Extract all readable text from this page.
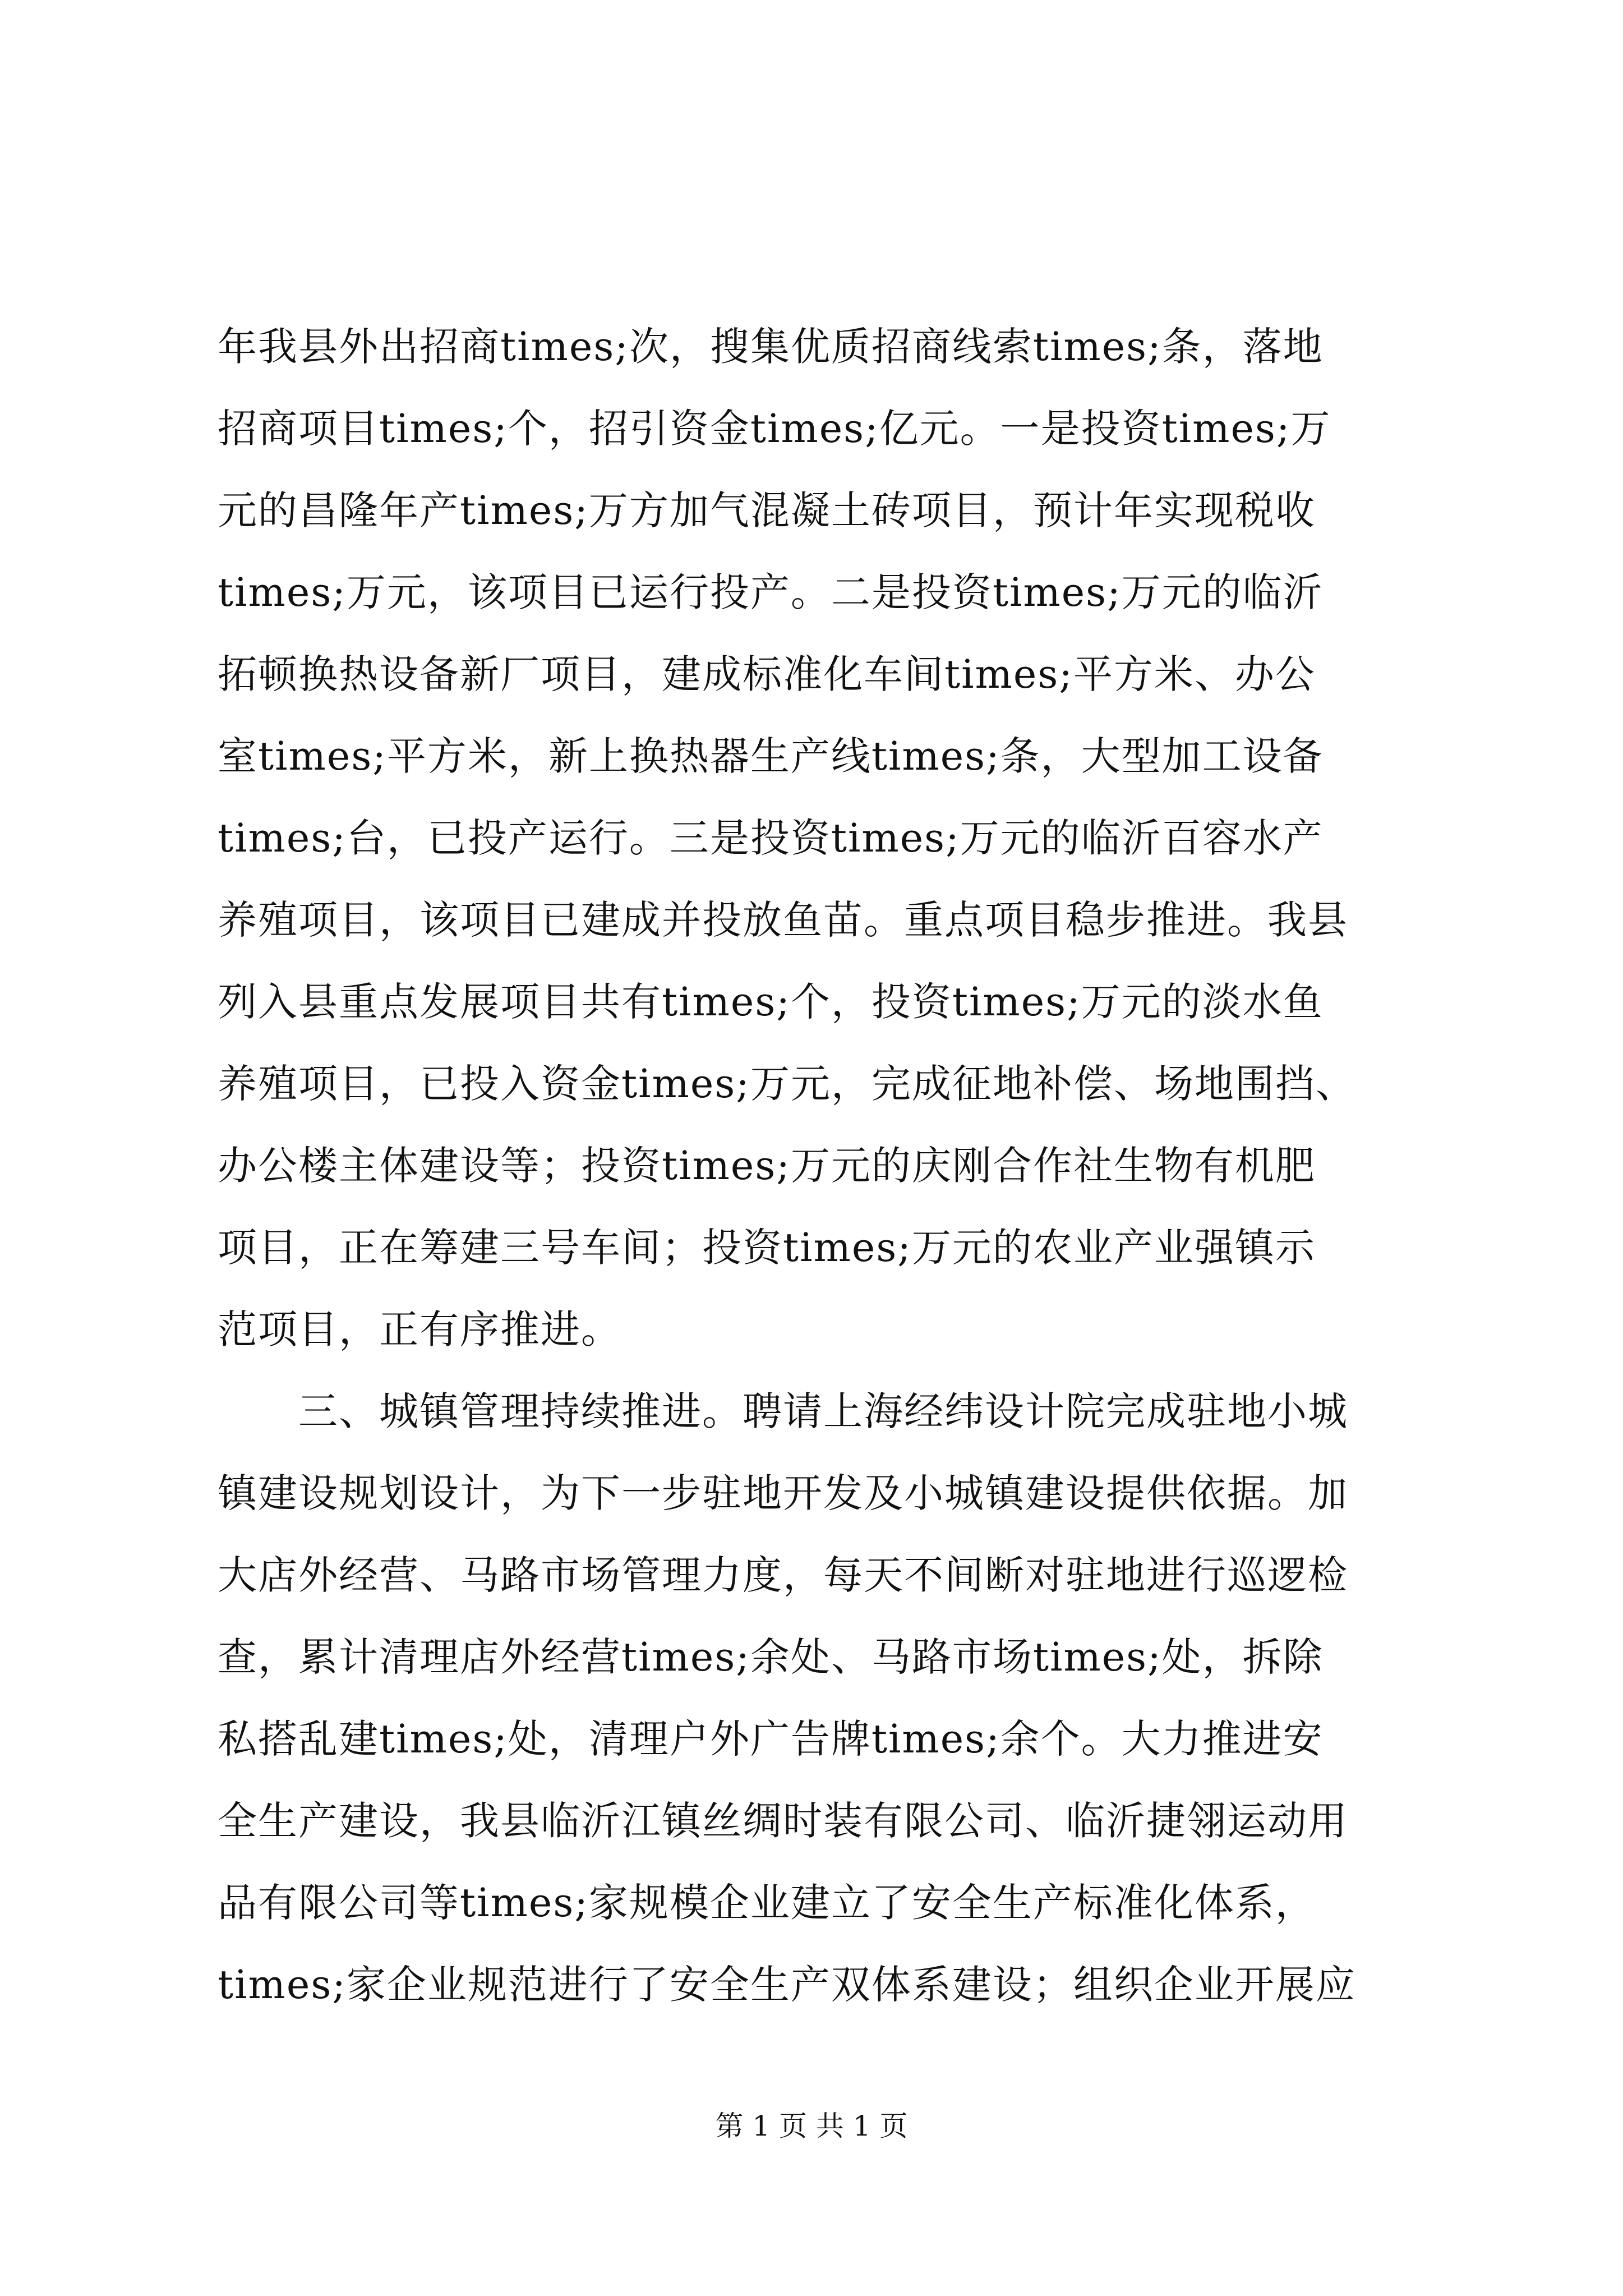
年我县外出招商times;次，搜集优质招商线索times;条，落地
招商项目times;个，招引资金times;亿元。一是投资times;万
元的昌隆年产times;万方加气混凝土砖项目，预计年实现税收
times;万元，该项目已运行投产。二是投资times;万元的临沂
拓顿换热设备新厂项目，建成标准化车间times;平方米、办公
室times;平方米，新上换热器生产线times;条，大型加工设备
times;台，已投产运行。三是投资times;万元的临沂百容水产
养殖项目，该项目已建成并投放鱼苗。重点项目稳步推进。我县
列入县重点发展项目共有times;个，投资times;万元的淡水鱼
养殖项目，已投入资金times;万元，完成征地补偿、场地围挡、
办公楼主体建设等；投资times;万元的庆刚合作社生物有机肥
项目，正在筹建三号车间；投资times;万元的农业产业强镇示
范项目，正有序推进。
　　三、城镇管理持续推进。聘请上海经纬设计院完成驻地小城
镇建设规划设计，为下一步驻地开发及小城镇建设提供依据。加
大店外经营、马路市场管理力度，每天不间断对驻地进行巡逻检
查，累计清理店外经营times;余处、马路市场times;处，拆除
私搭乱建times;处，清理户外广告牌times;余个。大力推进安
全生产建设，我县临沂江镇丝绸时装有限公司、临沂捷翎运动用
品有限公司等times;家规模企业建立了安全生产标准化体系，
times;家企业规范进行了安全生产双体系建设；组织企业开展应
第 1 页 共 1 页
